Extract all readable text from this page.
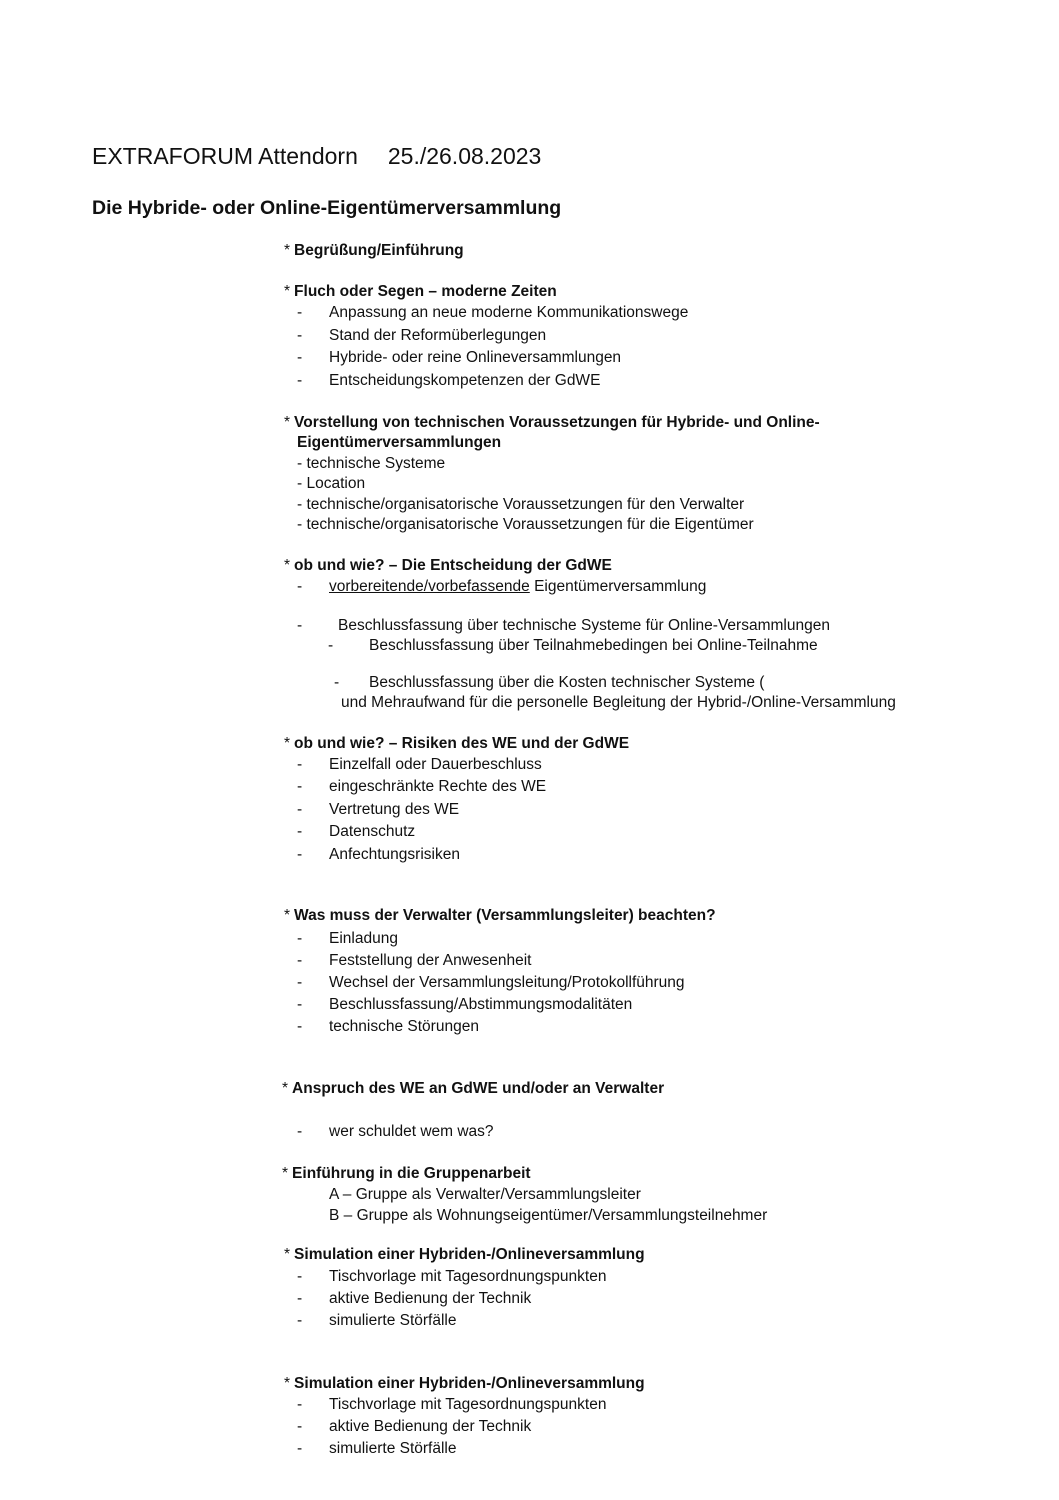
EXTRAFORUM Attendorn 25./26.08.2023
Die Hybride- oder Online-Eigentümerversammlung
* Begrüßung/Einführung
* Fluch oder Segen – moderne Zeiten
- Anpassung an neue moderne Kommunikationswege
- Stand der Reformüberlegungen
- Hybride- oder reine Onlineversammlungen
- Entscheidungskompetenzen der GdWE
* Vorstellung von technischen Voraussetzungen für Hybride- und Online-
Eigentümerversammlungen
- technische Systeme
- Location
- technische/organisatorische Voraussetzungen für den Verwalter
- technische/organisatorische Voraussetzungen für die Eigentümer
* ob und wie? – Die Entscheidung der GdWE
- vorbereitende/vorbefassende Eigentümerversammlung
- Beschlussfassung über technische Systeme für Online-Versammlungen
- Beschlussfassung über Teilnahmebedingen bei Online-Teilnahme
- Beschlussfassung über die Kosten technischer Systeme (
und Mehraufwand für die personelle Begleitung der Hybrid-/Online-Versammlung
* ob und wie? – Risiken des WE und der GdWE
- Einzelfall oder Dauerbeschluss
- eingeschränkte Rechte des WE
- Vertretung des WE
- Datenschutz
- Anfechtungsrisiken
* Was muss der Verwalter (Versammlungsleiter) beachten?
- Einladung
- Feststellung der Anwesenheit
- Wechsel der Versammlungsleitung/Protokollführung
- Beschlussfassung/Abstimmungsmodalitäten
- technische Störungen
* Anspruch des WE an GdWE und/oder an Verwalter
- wer schuldet wem was?
* Einführung in die Gruppenarbeit
A – Gruppe als Verwalter/Versammlungsleiter
B – Gruppe als Wohnungseigentümer/Versammlungsteilnehmer
* Simulation einer Hybriden-/Onlineversammlung
- Tischvorlage mit Tagesordnungspunkten
- aktive Bedienung der Technik
- simulierte Störfälle
* Simulation einer Hybriden-/Onlineversammlung
- Tischvorlage mit Tagesordnungspunkten
- aktive Bedienung der Technik
- simulierte Störfälle
